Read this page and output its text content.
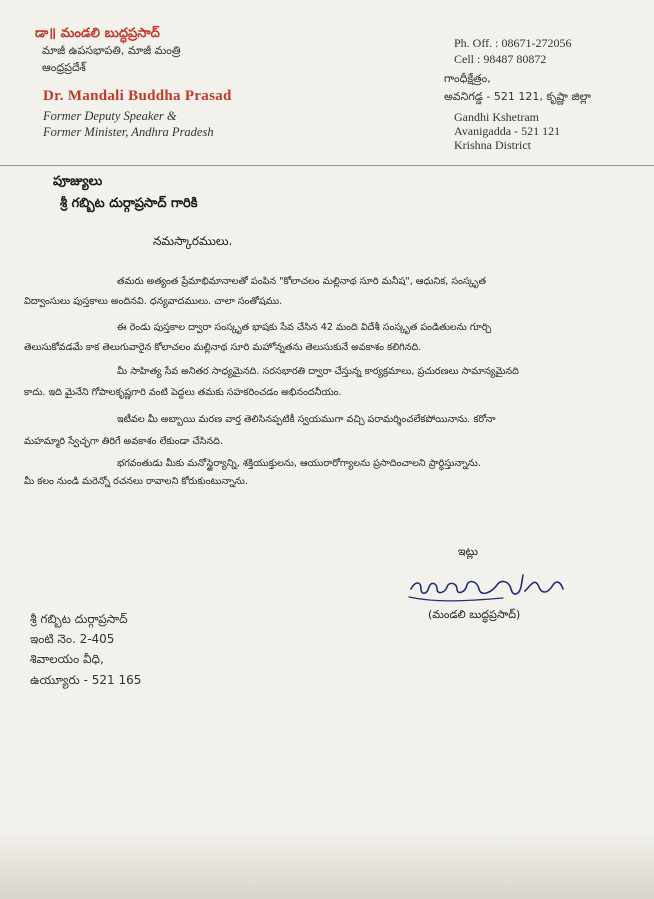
డా॥ మండలి బుద్ధప్రసాద్
మాజీ ఉపసభాపతి, మాజీ మంత్రి
ఆంధ్రప్రదేశ్
Dr. Mandali Buddha Prasad
Former Deputy Speaker &
Former Minister, Andhra Pradesh
Ph. Off. : 08671-272056
Cell : 98487 80872
గాంధీక్షేత్రం,
అవనిగడ్డ - 521 121, కృష్ణా జిల్లా
Gandhi Kshetram
Avanigadda - 521 121
Krishna District
పూజ్యులు
శ్రీ గబ్బిట దుర్గాప్రసాద్ గారికి
నమస్కారములు.
తమరు అత్యంత ప్రేమాభిమానాలతో పంపిన "కోలాచలం మల్లినాథ సూరి మనీష", ఆధునిక, సంస్కృత
విద్వాంసులు పుస్తకాలు అందినవి. ధన్యవాదములు. చాలా సంతోషము.
ఈ రెండు పుస్తకాల ద్వారా సంస్కృత భాషకు సేవ చేసిన 42 మంది విదేశీ సంస్కృత పండితులను గూర్చి
తెలుసుకోవడమే కాక తెలుగువారైన కోలాచలం మల్లినాథ సూరి మహోన్నతను తెలుసుకునే అవకాశం కలిగినది.
మీ సాహిత్య సేవ అనితర సాధ్యమైనది. సరసభారతి ద్వారా చేస్తున్న కార్యక్రమాలు, ప్రచురణలు సామాన్యమైనది
కాదు. ఇది మైనేని గోపాలకృష్ణగారి వంటి పెద్దలు తమకు సహకరించడం అభినందనీయం.
ఇటీవల మీ అబ్బాయి మరణ వార్త తెలిసినప్పటికీ స్వయముగా వచ్చి పరామర్శించలేకపోయినాను. కరోనా
మహమ్మారి స్వేచ్ఛగా తిరిగే అవకాశం లేకుండా చేసినది.
భగవంతుడు మీకు మనోస్థైర్యాన్ని, శక్తియుక్తులను, ఆయురారోగ్యాలను ప్రసాదించాలని ప్రార్థిస్తున్నాను.
మీ కలం నుండి మరెన్నో రచనలు రావాలని కోరుకుంటున్నాను.
ఇట్లు
(మండలి బుద్ధప్రసాద్)
శ్రీ గబ్బిట దుర్గాప్రసాద్
ఇంటి నెం. 2-405
శివాలయం వీధి,
ఉయ్యూరు - 521 165
